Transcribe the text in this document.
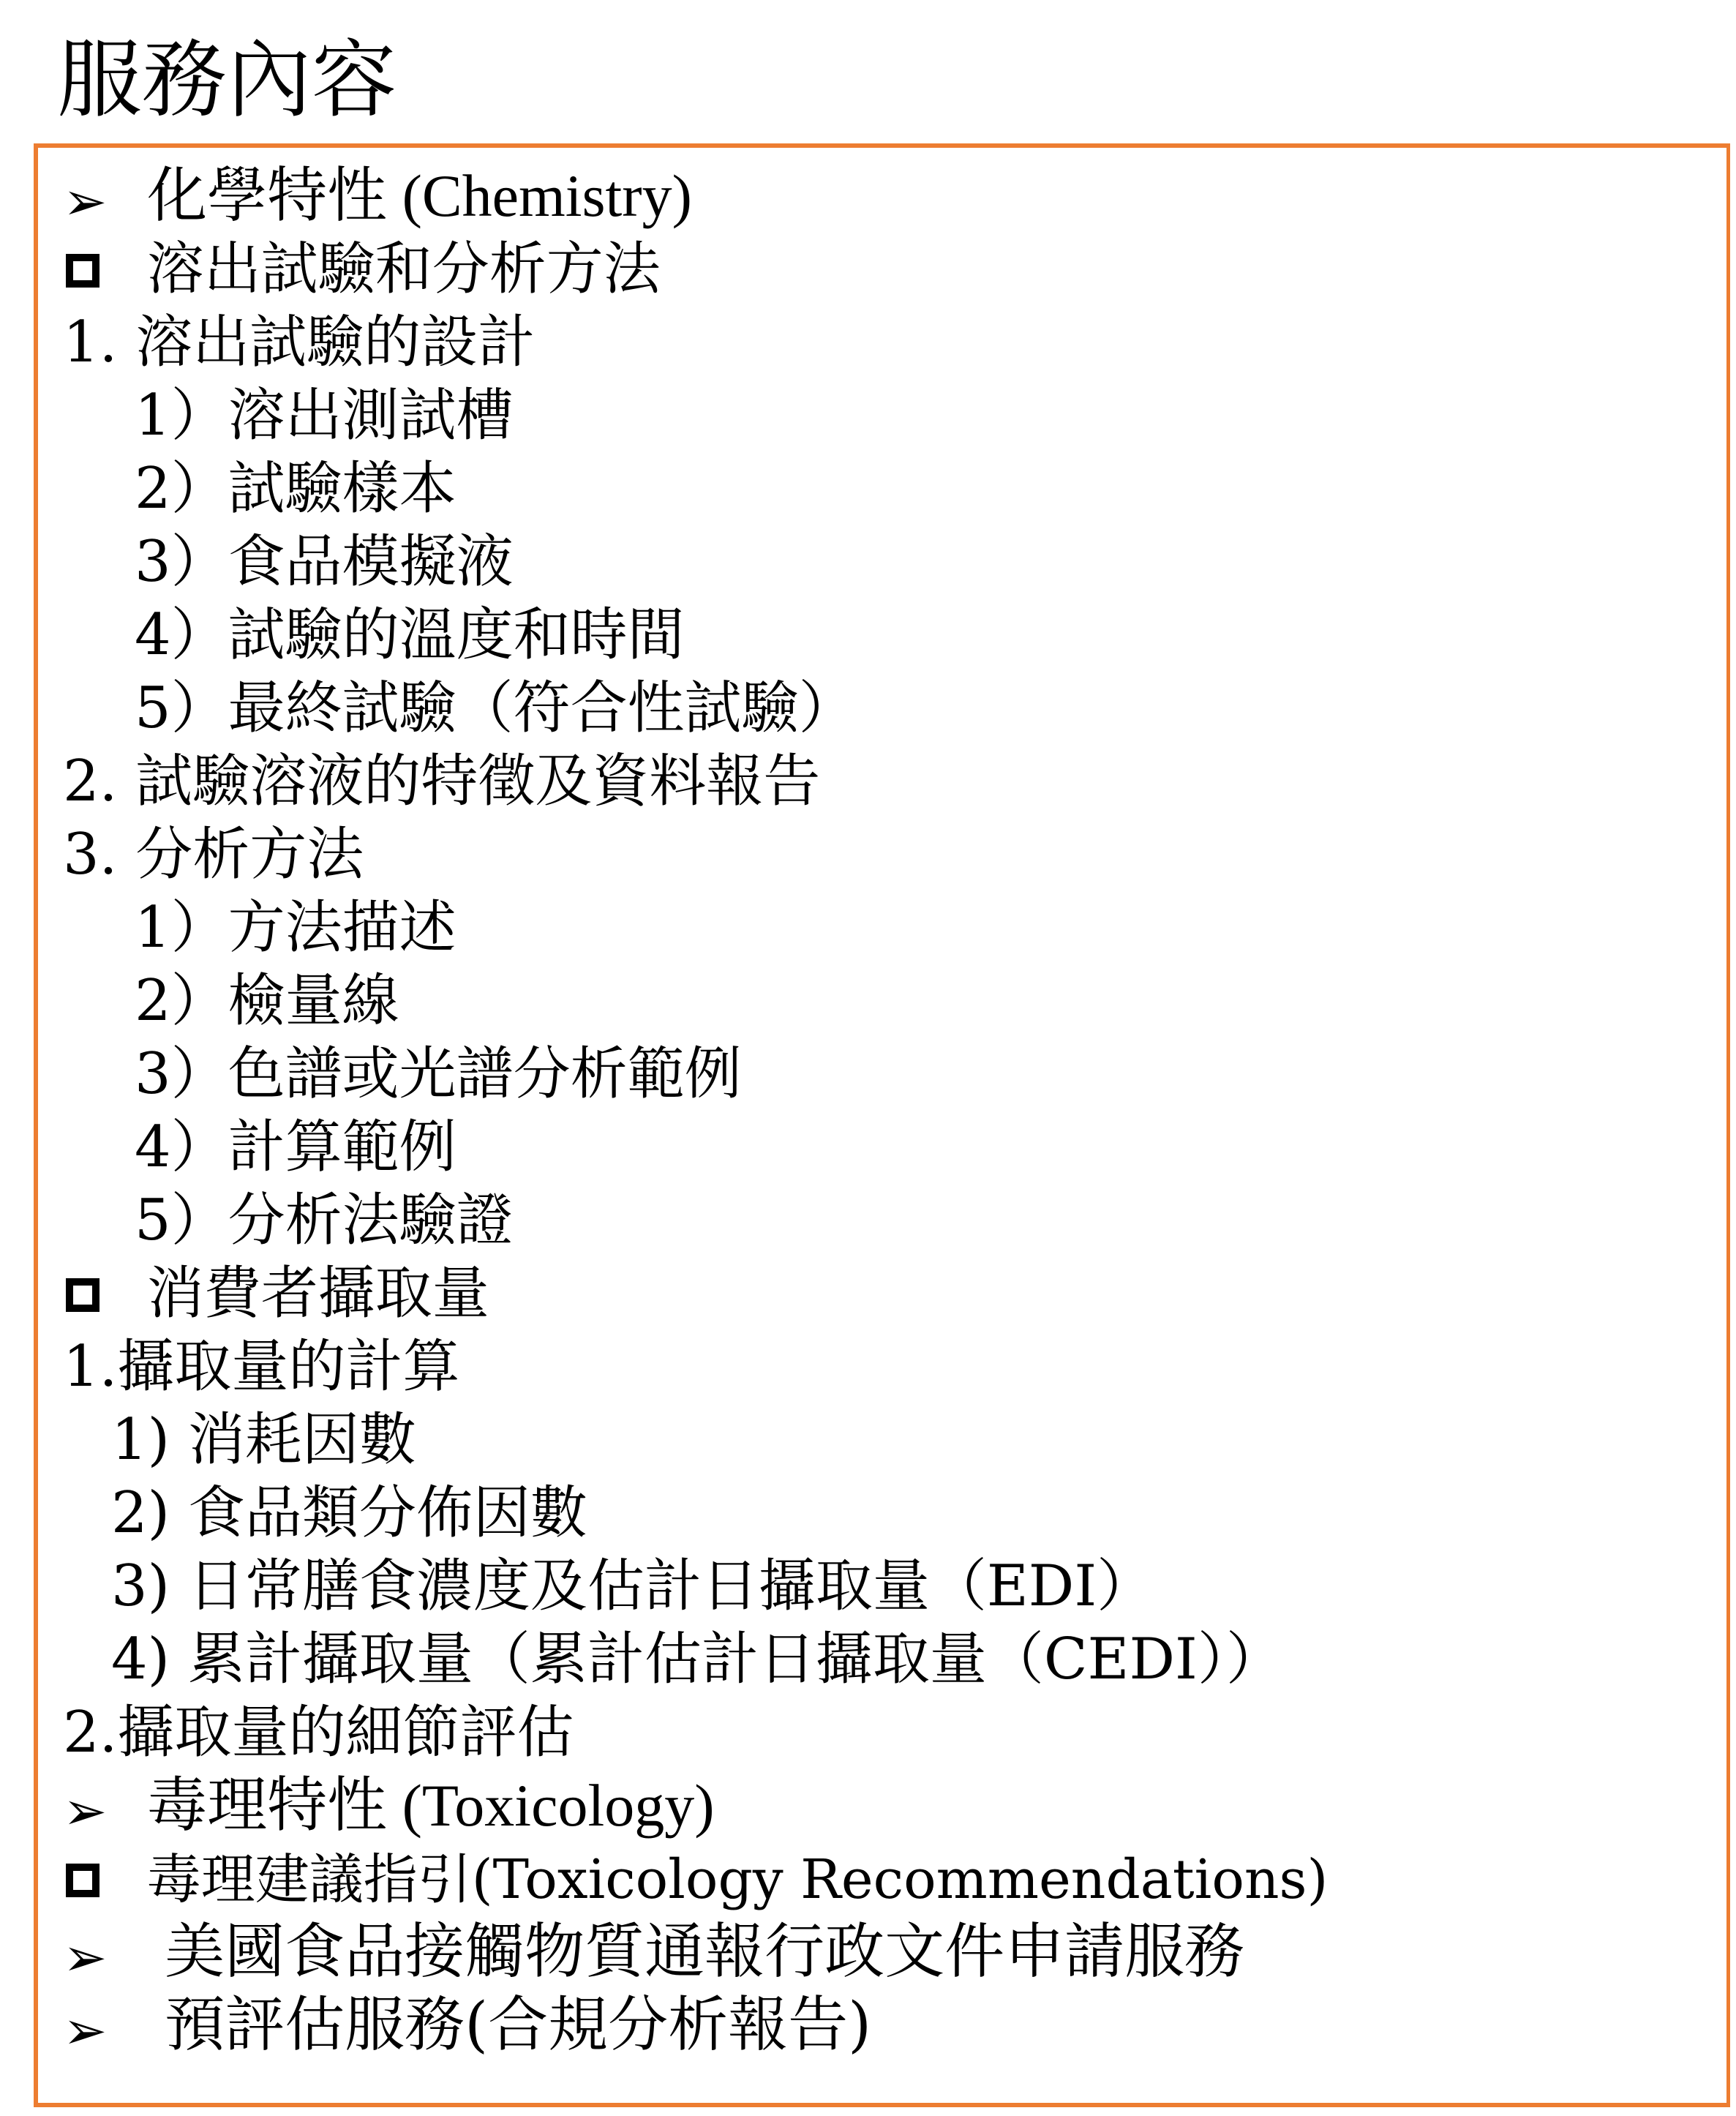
服務內容
➢ 化學特性 (Chemistry)
溶出試驗和分析方法
1. 溶出試驗的設計
1）溶出測試槽
2）試驗樣本
3）食品模擬液
4）試驗的溫度和時間
5）最終試驗（符合性試驗）
2. 試驗溶液的特徵及資料報告
3. 分析方法
1）方法描述
2）檢量線
3）色譜或光譜分析範例
4）計算範例
5）分析法驗證
消費者攝取量
1.攝取量的計算
1) 消耗因數
2) 食品類分佈因數
3) 日常膳食濃度及估計日攝取量（EDI）
4) 累計攝取量（累計估計日攝取量（CEDI））
2.攝取量的細節評估
➢ 毒理特性 (Toxicology)
毒理建議指引(Toxicology Recommendations)
➢ 美國食品接觸物質通報行政文件申請服務
➢ 預評估服務(合規分析報告)
